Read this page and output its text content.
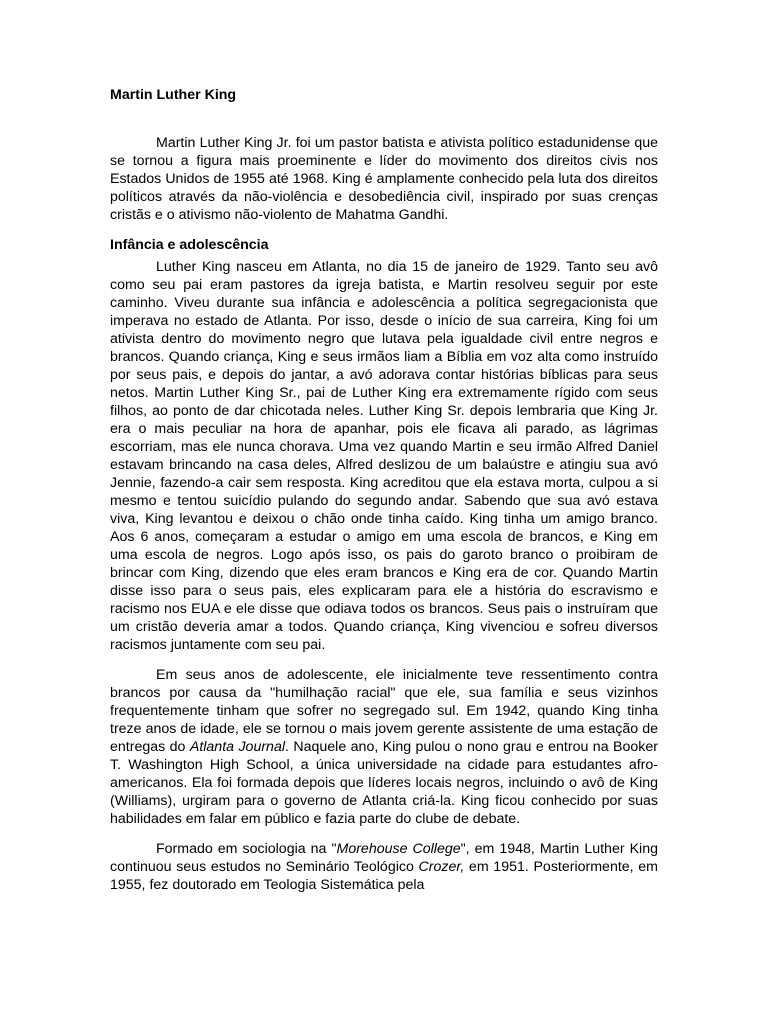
Martin Luther King

Martin Luther King Jr. foi um pastor batista e ativista político estadunidense que se tornou a figura mais proeminente e líder do movimento dos direitos civis nos Estados Unidos de 1955 até 1968. King é amplamente conhecido pela luta dos direitos políticos através da não-violência e desobediência civil, inspirado por suas crenças cristãs e o ativismo não-violento de Mahatma Gandhi.

Infância e adolescência

Luther King nasceu em Atlanta, no dia 15 de janeiro de 1929. Tanto seu avô como seu pai eram pastores da igreja batista, e Martin resolveu seguir por este caminho. Viveu durante sua infância e adolescência a política segregacionista que imperava no estado de Atlanta. Por isso, desde o início de sua carreira, King foi um ativista dentro do movimento negro que lutava pela igualdade civil entre negros e brancos. Quando criança, King e seus irmãos liam a Bíblia em voz alta como instruído por seus pais, e depois do jantar, a avó adorava contar histórias bíblicas para seus netos. Martin Luther King Sr., pai de Luther King era extremamente rígido com seus filhos, ao ponto de dar chicotada neles. Luther King Sr. depois lembraria que King Jr. era o mais peculiar na hora de apanhar, pois ele ficava ali parado, as lágrimas escorriam, mas ele nunca chorava. Uma vez quando Martin e seu irmão Alfred Daniel estavam brincando na casa deles, Alfred deslizou de um balaústre e atingiu sua avó Jennie, fazendo-a cair sem resposta. King acreditou que ela estava morta, culpou a si mesmo e tentou suicídio pulando do segundo andar. Sabendo que sua avó estava viva, King levantou e deixou o chão onde tinha caído. King tinha um amigo branco. Aos 6 anos, começaram a estudar o amigo em uma escola de brancos, e King em uma escola de negros. Logo após isso, os pais do garoto branco o proibiram de brincar com King, dizendo que eles eram brancos e King era de cor. Quando Martin disse isso para o seus pais, eles explicaram para ele a história do escravismo e racismo nos EUA e ele disse que odiava todos os brancos. Seus pais o instruíram que um cristão deveria amar a todos. Quando criança, King vivenciou e sofreu diversos racismos juntamente com seu pai.

Em seus anos de adolescente, ele inicialmente teve ressentimento contra brancos por causa da "humilhação racial" que ele, sua família e seus vizinhos frequentemente tinham que sofrer no segregado sul. Em 1942, quando King tinha treze anos de idade, ele se tornou o mais jovem gerente assistente de uma estação de entregas do Atlanta Journal. Naquele ano, King pulou o nono grau e entrou na Booker T. Washington High School, a única universidade na cidade para estudantes afro-americanos. Ela foi formada depois que líderes locais negros, incluindo o avô de King (Williams), urgiram para o governo de Atlanta criá-la. King ficou conhecido por suas habilidades em falar em público e fazia parte do clube de debate.

Formado em sociologia na "Morehouse College", em 1948, Martin Luther King continuou seus estudos no Seminário Teológico Crozer, em 1951. Posteriormente, em 1955, fez doutorado em Teologia Sistemática pela
